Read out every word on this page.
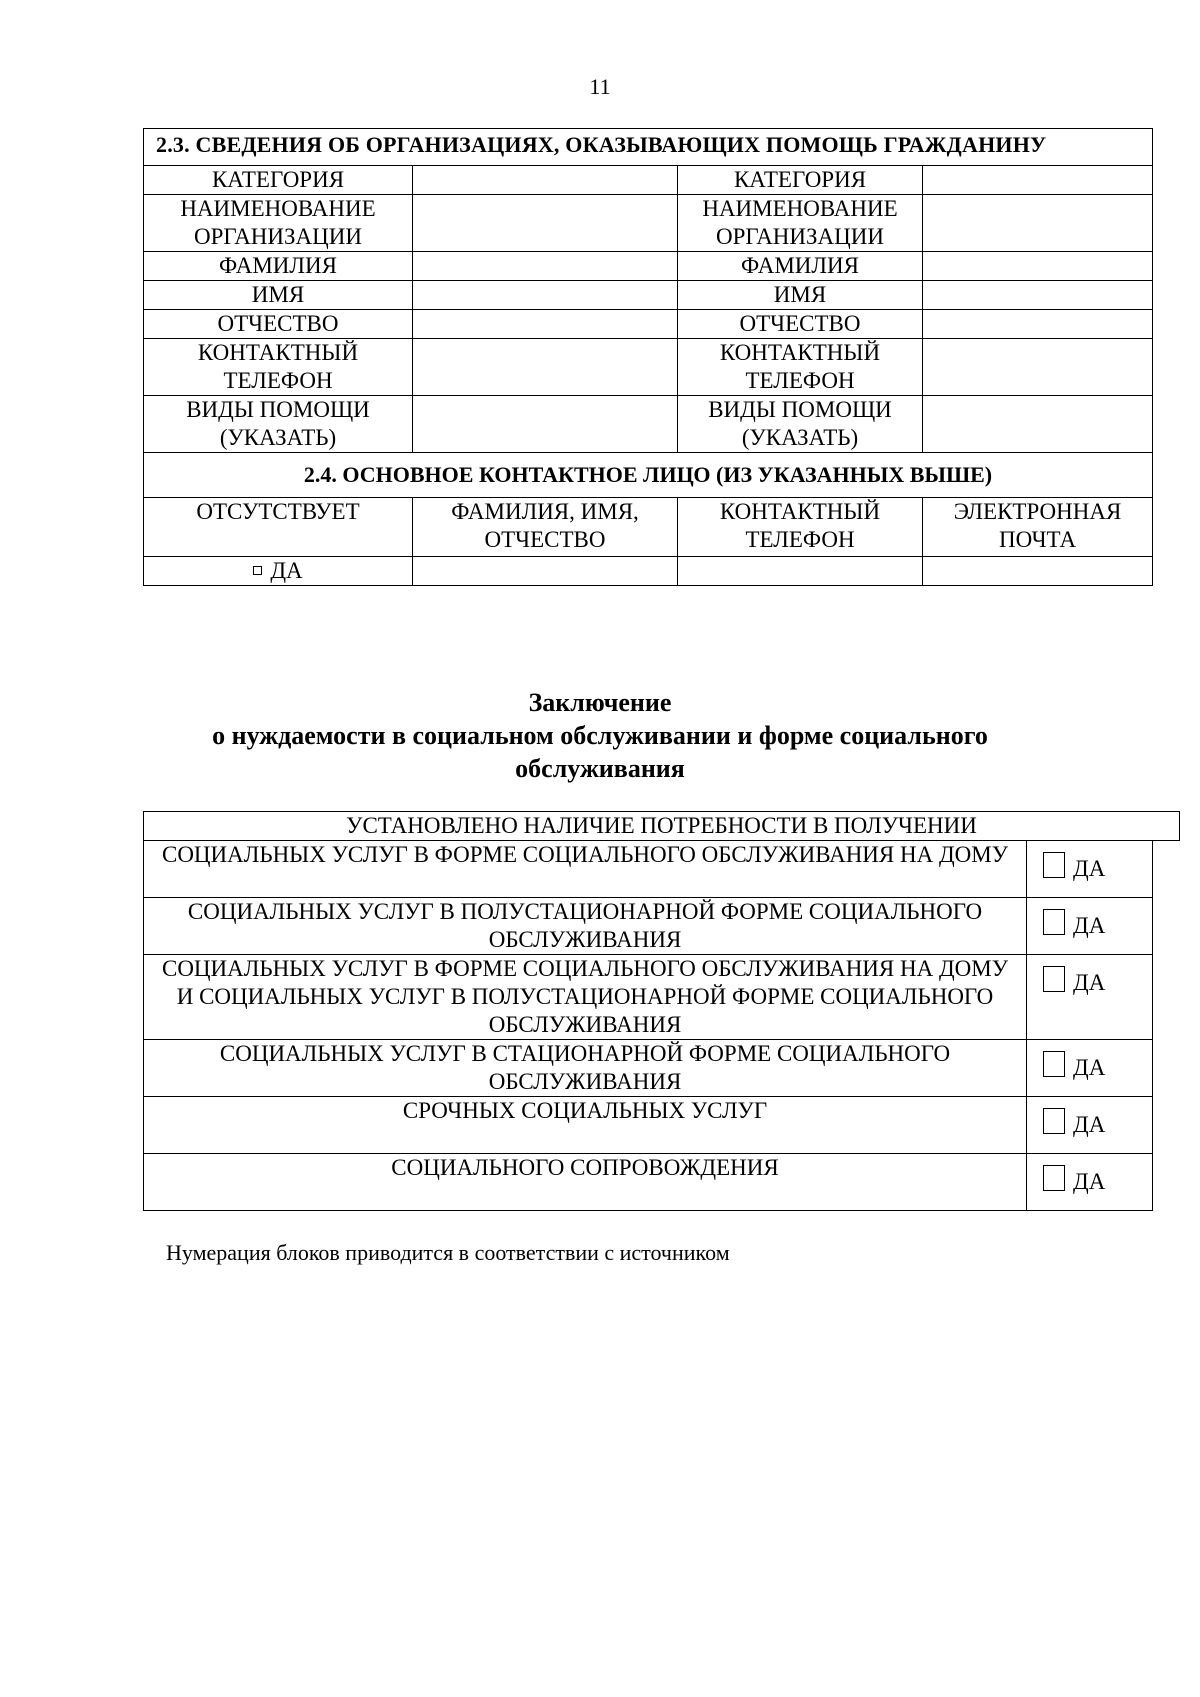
11
2.3. СВЕДЕНИЯ ОБ ОРГАНИЗАЦИЯХ, ОКАЗЫВАЮЩИХ ПОМОЩЬ ГРАЖДАНИНУ			
КАТЕГОРИЯ		КАТЕГОРИЯ	
НАИМЕНОВАНИЕ ОРГАНИЗАЦИИ		НАИМЕНОВАНИЕ ОРГАНИЗАЦИИ	
ФАМИЛИЯ		ФАМИЛИЯ	
ИМЯ		ИМЯ	
ОТЧЕСТВО		ОТЧЕСТВО	
КОНТАКТНЫЙ ТЕЛЕФОН		КОНТАКТНЫЙ ТЕЛЕФОН	
ВИДЫ ПОМОЩИ (УКАЗАТЬ)		ВИДЫ ПОМОЩИ (УКАЗАТЬ)	
2.4. ОСНОВНОЕ КОНТАКТНОЕ ЛИЦО (ИЗ УКАЗАННЫХ ВЫШЕ)			
ОТСУТСТВУЕТ	ФАМИЛИЯ, ИМЯ, ОТЧЕСТВО	КОНТАКТНЫЙ ТЕЛЕФОН	ЭЛЕКТРОННАЯ ПОЧТА
ДА			
Заключение
о нуждаемости в социальном обслуживании и форме социального
обслуживания
УСТАНОВЛЕНО НАЛИЧИЕ ПОТРЕБНОСТИ В ПОЛУЧЕНИИ
СОЦИАЛЬНЫХ УСЛУГ В ФОРМЕ СОЦИАЛЬНОГО ОБСЛУЖИВАНИЯ НА ДОМУ	ДА
СОЦИАЛЬНЫХ УСЛУГ В ПОЛУСТАЦИОНАРНОЙ ФОРМЕ СОЦИАЛЬНОГО ОБСЛУЖИВАНИЯ	ДА
СОЦИАЛЬНЫХ УСЛУГ В ФОРМЕ СОЦИАЛЬНОГО ОБСЛУЖИВАНИЯ НА ДОМУ И СОЦИАЛЬНЫХ УСЛУГ В ПОЛУСТАЦИОНАРНОЙ ФОРМЕ СОЦИАЛЬНОГО ОБСЛУЖИВАНИЯ	ДА
СОЦИАЛЬНЫХ УСЛУГ В СТАЦИОНАРНОЙ ФОРМЕ СОЦИАЛЬНОГО ОБСЛУЖИВАНИЯ	ДА
СРОЧНЫХ СОЦИАЛЬНЫХ УСЛУГ	ДА
СОЦИАЛЬНОГО СОПРОВОЖДЕНИЯ	ДА
Нумерация блоков приводится в соответствии с источником
